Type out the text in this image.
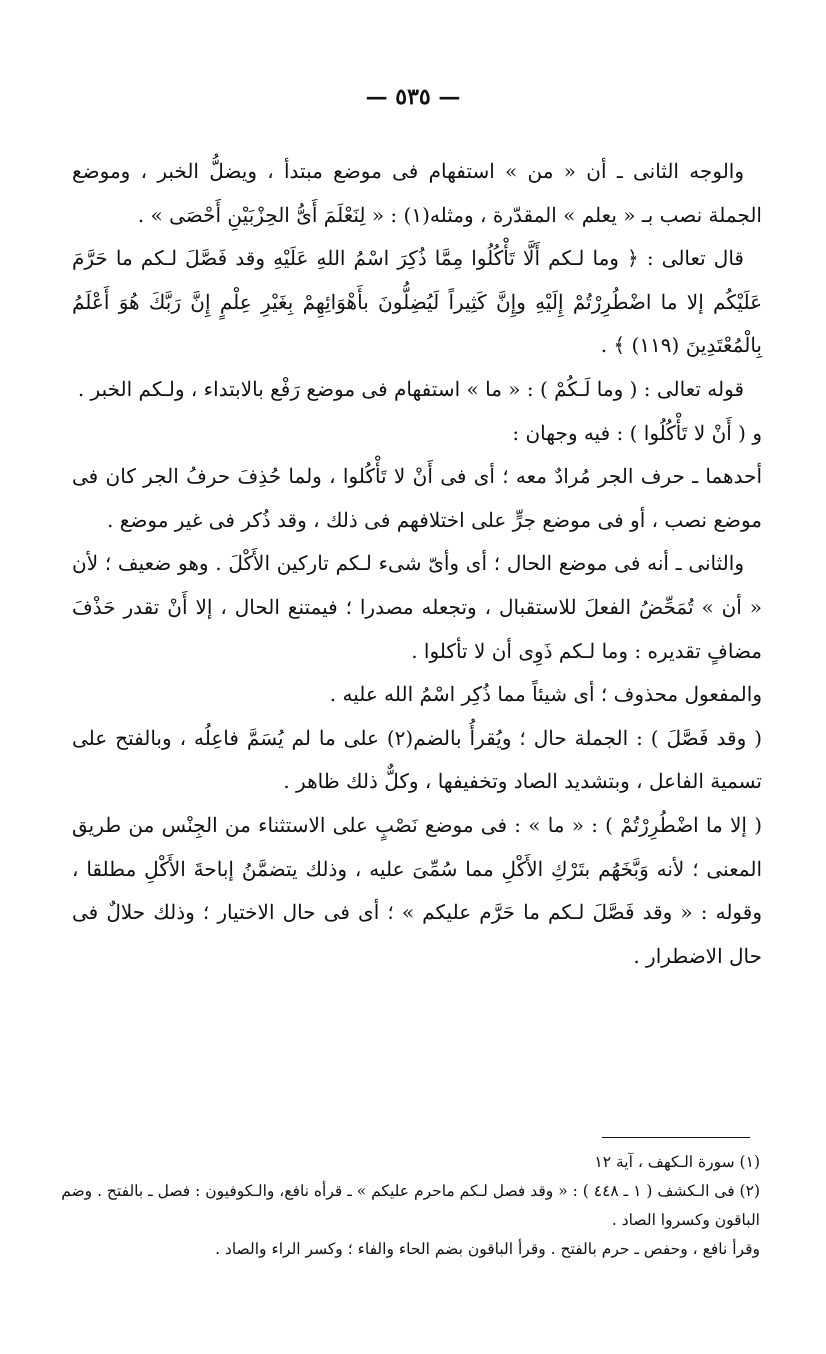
— ٥٣٥ —

والوجه الثانى ـ أن « من » استفهام فى موضع مبتدأ ، ويضلُّ الخبر ، وموضع الجملة نصب بـ « يعلم » المقدّرة ، ومثله(١) : « لِنَعْلَمَ أَىُّ الحِزْبَيْنِ أَحْصَى » .

قال تعالى : ﴿ وما لـكم أَلَّا تَأْكُلُوا مِمَّا ذُكِرَ اسْمُ اللهِ عَلَيْهِ وقد فَصَّلَ لـكم ما حَرَّمَ عَلَيْكُم إلا ما اضْطُرِرْتُمْ إِلَيْهِ وإِنَّ كَثِيراً لَيُضِلُّونَ بأَهْوَائِهِمْ بِغَيْرِ عِلْمٍ إِنَّ رَبَّكَ هُوَ أَعْلَمُ بِالْمُعْتَدِينَ (١١٩) ﴾ .

قوله تعالى : ( وما لَـكُمْ ) : « ما » استفهام فى موضع رَفْع بالابتداء ، ولـكم الخبر .

و ( أَنْ لا تَأْكُلُوا ) : فيه وجهان :

أحدهما ـ حرف الجر مُرادٌ معه ؛ أى فى أَنْ لا تَأْكُلوا ، ولما حُذِفَ حرفُ الجر كان فى موضع نصب ، أو فى موضع جرٍّ على اختلافهم فى ذلك ، وقد ذُكر فى غير موضع .

والثانى ـ أنه فى موضع الحال ؛ أى وأىّ شىء لـكم تاركين الأَكْلَ . وهو ضعيف ؛ لأن « أن » تُمَحِّضُ الفعلَ للاستقبال ، وتجعله مصدرا ؛ فيمتنع الحال ، إلا أَنْ تقدر حَذْفَ مضافٍ تقديره : وما لـكم ذَوِى أن لا تأكلوا .

والمفعول محذوف ؛ أى شيئاً مما ذُكِر اسْمُ الله عليه .

( وقد فَصَّلَ ) : الجملة حال ؛ ويُقرأُ بالضم(٢) على ما لم يُسَمَّ فاعِلُه ، وبالفتح على تسمية الفاعل ، وبتشديد الصاد وتخفيفها ، وكلٌّ ذلك ظاهر .

( إلا ما اضْطُرِرْتُمْ ) : « ما » : فى موضع نَصْبٍ على الاستثناء من الجِنْس من طريق المعنى ؛ لأنه وَبَّخَهُم بتَرْكِ الأَكْلِ مما سُمِّىَ عليه ، وذلك يتضمَّنُ إباحةَ الأَكْلِ مطلقا ، وقوله : « وقد فَصَّلَ لـكم ما حَرَّم عليكم » ؛ أى فى حال الاختيار ؛ وذلك حلالٌ فى حال الاضطرار .

(١) سورة الـكهف ، آية ١٢

(٢) فى الـكشف ( ١ ـ ٤٤٨ ) : « وقد فصل لـكم ماحرم عليكم » ـ قرأه نافع، والـكوفيون : فصل ـ بالفتح . وضم الباقون وكسروا الصاد .

وقرأ نافع ، وحفص ـ حرم بالفتح . وقرأ الباقون بضم الحاء والفاء ؛ وكسر الراء والصاد .
